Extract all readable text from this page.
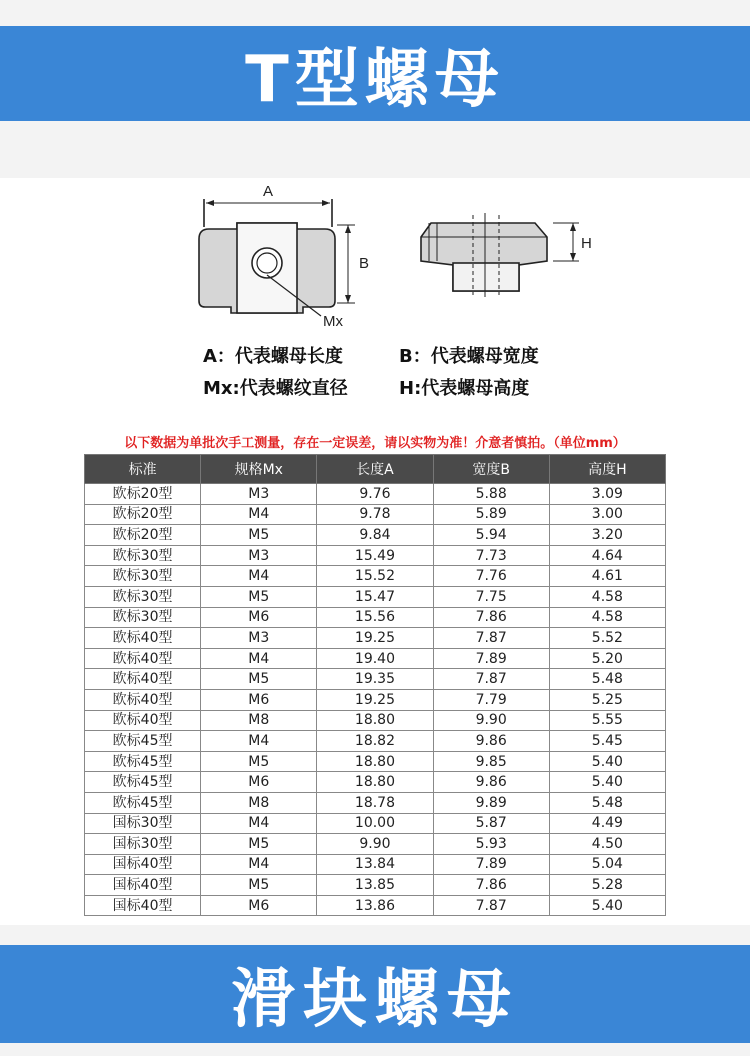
T型螺母
A
B
H
Mx
A：代表螺母长度	B：代表螺母宽度
Mx:代表螺纹直径	H:代表螺母高度
以下数据为单批次手工测量，存在一定误差，请以实物为准！介意者慎拍。（单位mm）
标准	规格Mx	长度A	宽度B	高度H
欧标20型	M3	9.76	5.88	3.09
欧标20型	M4	9.78	5.89	3.00
欧标20型	M5	9.84	5.94	3.20
欧标30型	M3	15.49	7.73	4.64
欧标30型	M4	15.52	7.76	4.61
欧标30型	M5	15.47	7.75	4.58
欧标30型	M6	15.56	7.86	4.58
欧标40型	M3	19.25	7.87	5.52
欧标40型	M4	19.40	7.89	5.20
欧标40型	M5	19.35	7.87	5.48
欧标40型	M6	19.25	7.79	5.25
欧标40型	M8	18.80	9.90	5.55
欧标45型	M4	18.82	9.86	5.45
欧标45型	M5	18.80	9.85	5.40
欧标45型	M6	18.80	9.86	5.40
欧标45型	M8	18.78	9.89	5.48
国标30型	M4	10.00	5.87	4.49
国标30型	M5	9.90	5.93	4.50
国标40型	M4	13.84	7.89	5.04
国标40型	M5	13.85	7.86	5.28
国标40型	M6	13.86	7.87	5.40
滑块螺母
